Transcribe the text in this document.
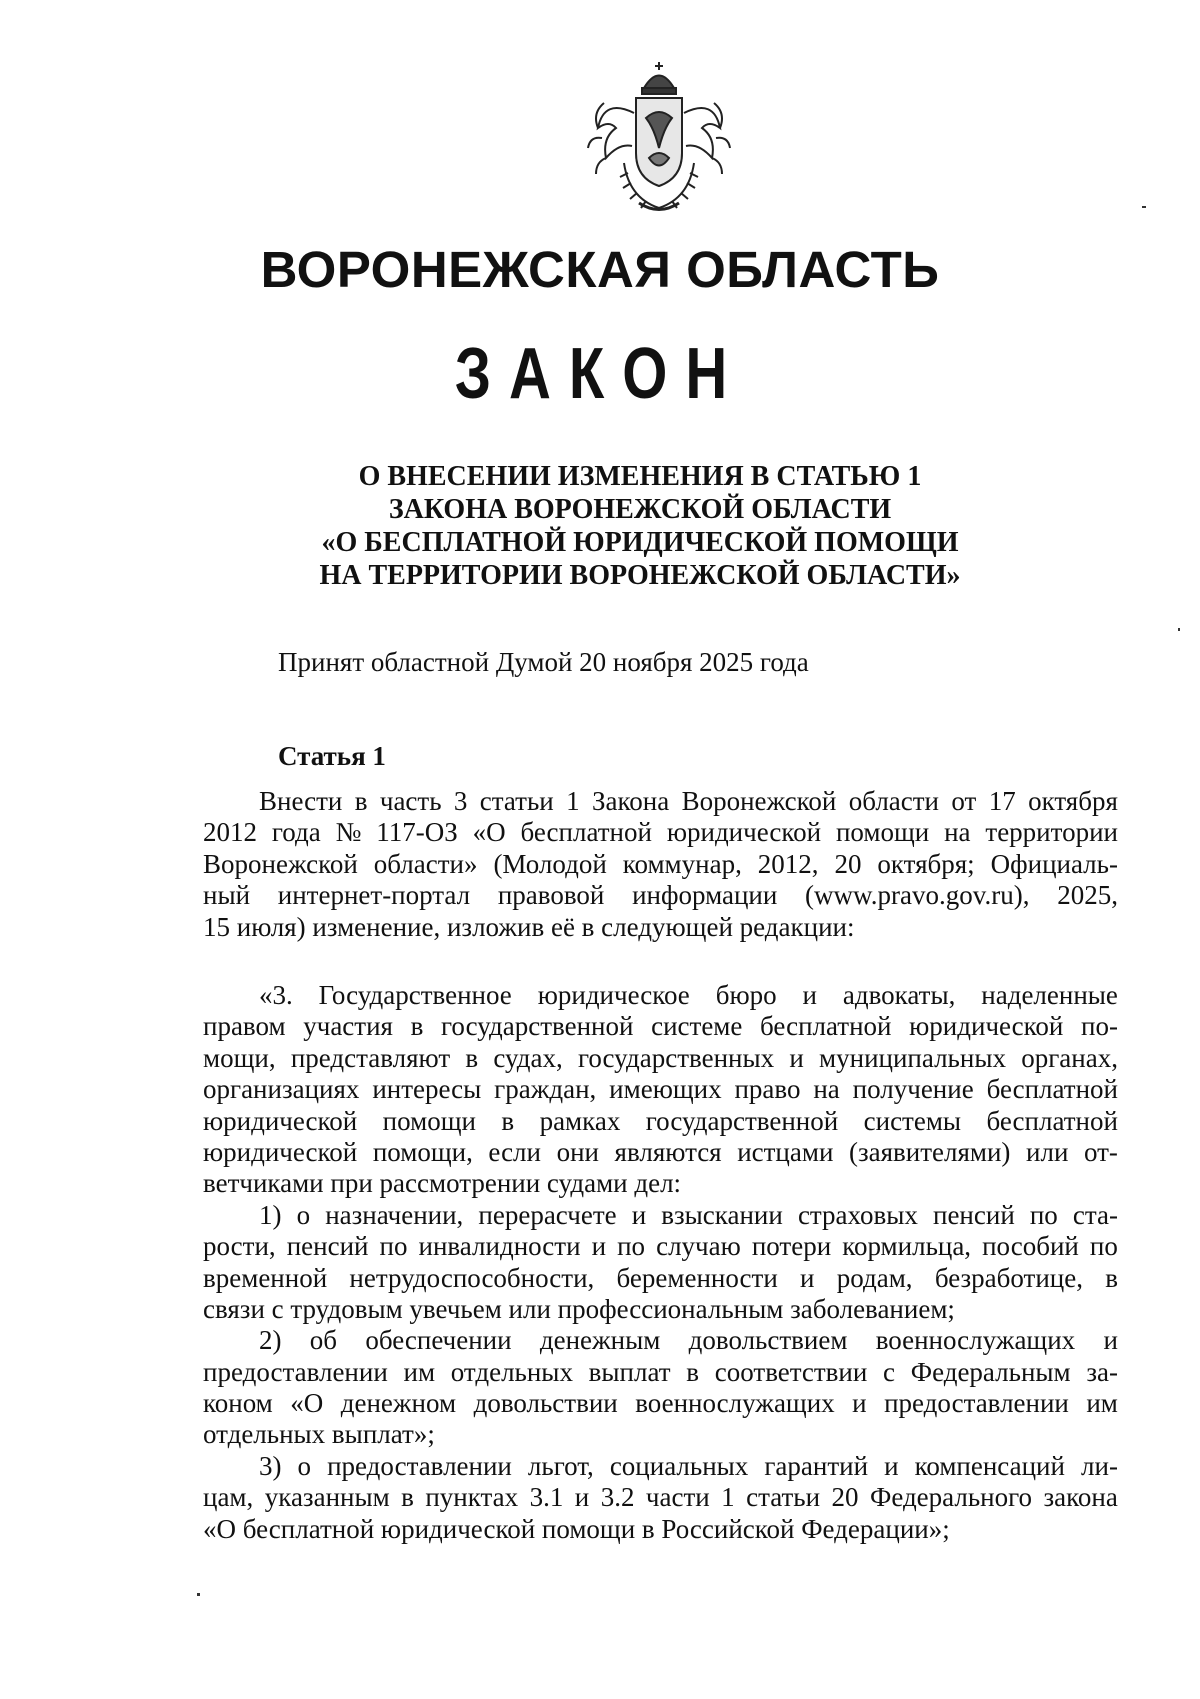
ВОРОНЕЖСКАЯ ОБЛАСТЬ
ЗАКОН
О ВНЕСЕНИИ ИЗМЕНЕНИЯ В СТАТЬЮ 1
ЗАКОНА ВОРОНЕЖСКОЙ ОБЛАСТИ
«О БЕСПЛАТНОЙ ЮРИДИЧЕСКОЙ ПОМОЩИ
НА ТЕРРИТОРИИ ВОРОНЕЖСКОЙ ОБЛАСТИ»
Принят областной Думой 20 ноября 2025 года
Статья 1
Внести в часть 3 статьи 1 Закона Воронежской области от 17 октября
2012 года № 117-ОЗ «О бесплатной юридической помощи на территории
Воронежской области» (Молодой коммунар, 2012, 20 октября; Официаль-
ный интернет-портал правовой информации (www.pravo.gov.ru), 2025,
15 июля) изменение, изложив её в следующей редакции:
«3. Государственное юридическое бюро и адвокаты, наделенные
правом участия в государственной системе бесплатной юридической по-
мощи, представляют в судах, государственных и муниципальных органах,
организациях интересы граждан, имеющих право на получение бесплатной
юридической помощи в рамках государственной системы бесплатной
юридической помощи, если они являются истцами (заявителями) или от-
ветчиками при рассмотрении судами дел:
1) о назначении, перерасчете и взыскании страховых пенсий по ста-
рости, пенсий по инвалидности и по случаю потери кормильца, пособий по
временной нетрудоспособности, беременности и родам, безработице, в
связи с трудовым увечьем или профессиональным заболеванием;
2) об обеспечении денежным довольствием военнослужащих и
предоставлении им отдельных выплат в соответствии с Федеральным за-
коном «О денежном довольствии военнослужащих и предоставлении им
отдельных выплат»;
3) о предоставлении льгот, социальных гарантий и компенсаций ли-
цам, указанным в пунктах 3.1 и 3.2 части 1 статьи 20 Федерального закона
«О бесплатной юридической помощи в Российской Федерации»;
